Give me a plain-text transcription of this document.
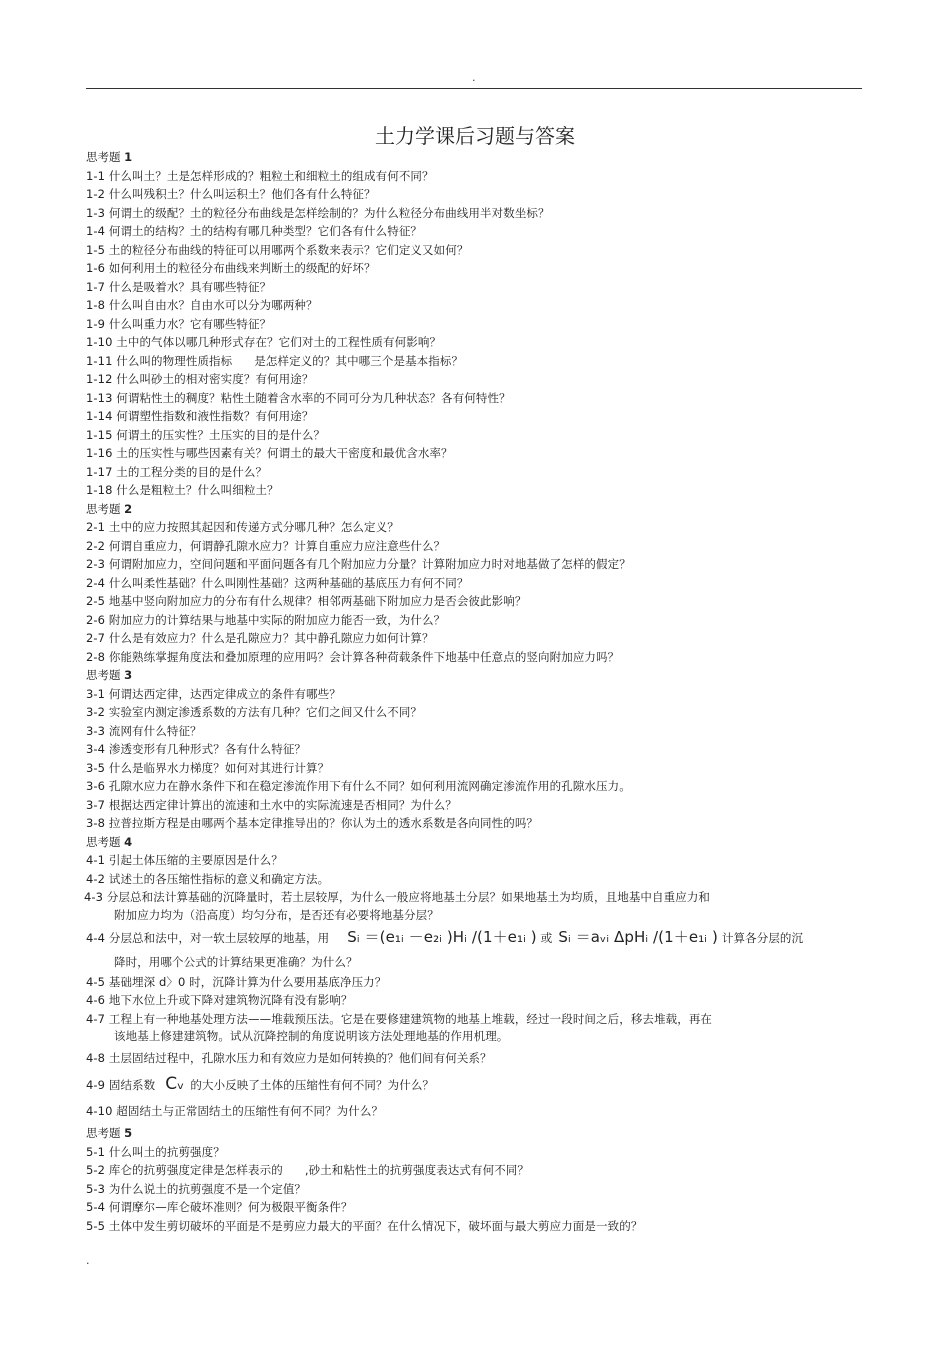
.
土力学课后习题与答案
思考题 1
1-1 什么叫土？土是怎样形成的？粗粒土和细粒土的组成有何不同？
1-2 什么叫残积土？什么叫运积土？他们各有什么特征？
1-3 何谓土的级配？土的粒径分布曲线是怎样绘制的？为什么粒径分布曲线用半对数坐标？
1-4 何谓土的结构？土的结构有哪几种类型？它们各有什么特征？
1-5 土的粒径分布曲线的特征可以用哪两个系数来表示？它们定义又如何？
1-6 如何利用土的粒径分布曲线来判断土的级配的好坏？
1-7 什么是吸着水？具有哪些特征？
1-8 什么叫自由水？自由水可以分为哪两种？
1-9 什么叫重力水？它有哪些特征？
1-10 土中的气体以哪几种形式存在？它们对土的工程性质有何影响？
1-11 什么叫的物理性质指标 是怎样定义的？其中哪三个是基本指标？
1-12 什么叫砂土的相对密实度？有何用途？
1-13 何谓粘性土的稠度？粘性土随着含水率的不同可分为几种状态？各有何特性？
1-14 何谓塑性指数和液性指数？有何用途？
1-15 何谓土的压实性？土压实的目的是什么？
1-16 土的压实性与哪些因素有关？何谓土的最大干密度和最优含水率？
1-17 土的工程分类的目的是什么？
1-18 什么是粗粒土？什么叫细粒土？
思考题 2
2-1 土中的应力按照其起因和传递方式分哪几种？怎么定义？
2-2 何谓自重应力，何谓静孔隙水应力？计算自重应力应注意些什么？
2-3 何谓附加应力，空间问题和平面问题各有几个附加应力分量？计算附加应力时对地基做了怎样的假定？
2-4 什么叫柔性基础？什么叫刚性基础？这两种基础的基底压力有何不同？
2-5 地基中竖向附加应力的分布有什么规律？相邻两基础下附加应力是否会彼此影响？
2-6 附加应力的计算结果与地基中实际的附加应力能否一致，为什么？
2-7 什么是有效应力？什么是孔隙应力？其中静孔隙应力如何计算？
2-8 你能熟练掌握角度法和叠加原理的应用吗？会计算各种荷载条件下地基中任意点的竖向附加应力吗？
思考题 3
3-1 何谓达西定律，达西定律成立的条件有哪些？
3-2 实验室内测定渗透系数的方法有几种？它们之间又什么不同？
3-3 流网有什么特征？
3-4 渗透变形有几种形式？各有什么特征？
3-5 什么是临界水力梯度？如何对其进行计算？
3-6 孔隙水应力在静水条件下和在稳定渗流作用下有什么不同？如何利用流网确定渗流作用的孔隙水压力。
3-7 根据达西定律计算出的流速和土水中的实际流速是否相同？为什么？
3-8 拉普拉斯方程是由哪两个基本定律推导出的？你认为土的透水系数是各向同性的吗？
思考题 4
4-1 引起土体压缩的主要原因是什么？
4-2 试述土的各压缩性指标的意义和确定方法。
4-3 分层总和法计算基础的沉降量时，若土层较厚，为什么一般应将地基土分层？如果地基土为均质，且地基中自重应力和
附加应力均为（沿高度）均匀分布，是否还有必要将地基分层？
4-4 分层总和法中，对一软土层较厚的地基，用 Sᵢ ＝(e₁ᵢ －e₂ᵢ )Hᵢ /(1＋e₁ᵢ ) 或 Sᵢ ＝aᵥᵢ ΔpHᵢ /(1＋e₁ᵢ ) 计算各分层的沉
降时，用哪个公式的计算结果更准确？为什么？
4-5 基础埋深 d〉0 时，沉降计算为什么要用基底净压力？
4-6 地下水位上升或下降对建筑物沉降有没有影响？
4-7 工程上有一种地基处理方法——堆载预压法。它是在要修建建筑物的地基上堆载，经过一段时间之后，移去堆载，再在
该地基上修建建筑物。试从沉降控制的角度说明该方法处理地基的作用机理。
4-8 土层固结过程中，孔隙水压力和有效应力是如何转换的？他们间有何关系？
4-9 固结系数 Cᵥ 的大小反映了土体的压缩性有何不同？为什么？
4-10 超固结土与正常固结土的压缩性有何不同？为什么？
思考题 5
5-1 什么叫土的抗剪强度？
5-2 库仑的抗剪强度定律是怎样表示的 ,砂土和粘性土的抗剪强度表达式有何不同？
5-3 为什么说土的抗剪强度不是一个定值？
5-4 何谓摩尔—库仑破坏准则？何为极限平衡条件？
5-5 土体中发生剪切破坏的平面是不是剪应力最大的平面？在什么情况下，破坏面与最大剪应力面是一致的？
.
